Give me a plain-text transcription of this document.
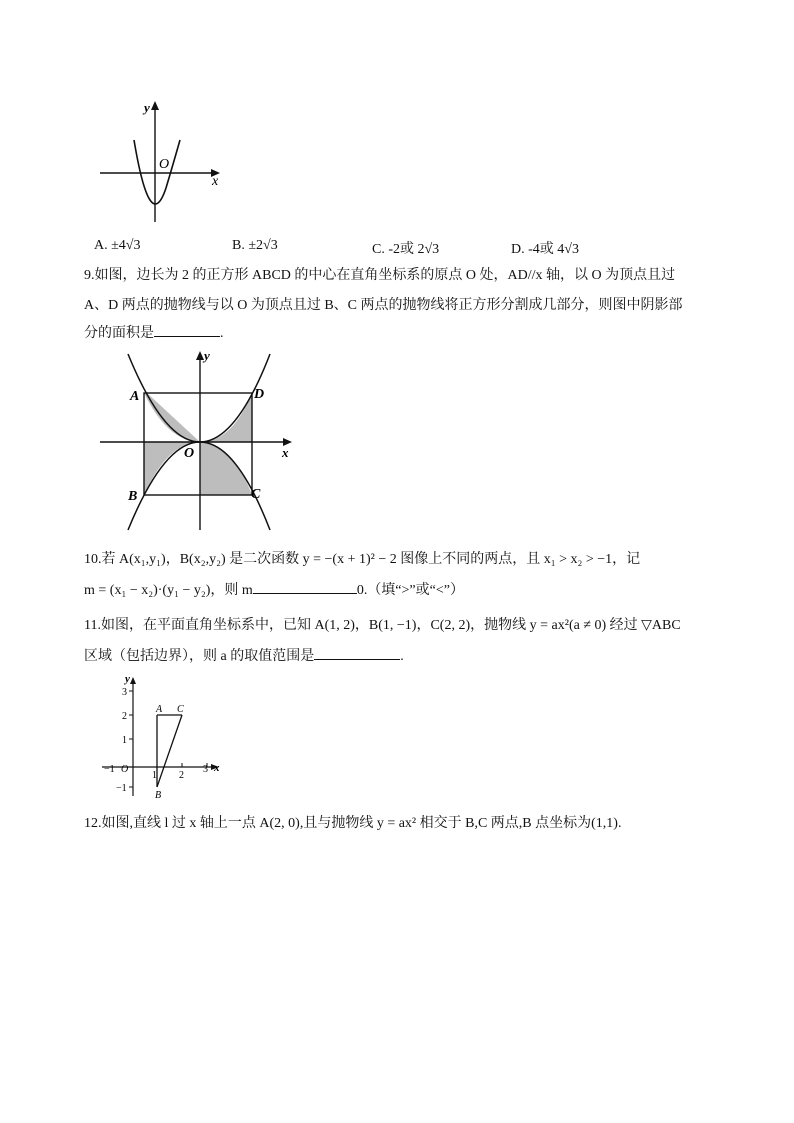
y
O
x
A. ±4√3	B. ±2√3	C. -2或 2√3	D. -4或 4√3
9.如图，边长为 2 的正方形 ABCD 的中心在直角坐标系的原点 O 处，AD//x 轴，以 O 为顶点且过
A、D 两点的抛物线与以 O 为顶点且过 B、C 两点的抛物线将正方形分割成几部分，则图中阴影部
分的面积是	.
y
x
A	D
B	C
O
10.若 A(x₁,y₁)，B(x₂,y₂) 是二次函数 y = −(x + 1)² − 2 图像上不同的两点，且 x₁ > x₂ > −1，记
m = (x₁ − x₂)·(y₁ − y₂)，则 m	0.（填“>”或“<”）
11.如图，在平面直角坐标系中，已知 A(1, 2)，B(1, −1)，C(2, 2)，抛物线 y = ax²(a ≠ 0) 经过 ▽ABC
区域（包括边界），则 a 的取值范围是	.
y
x
3
2
1
−1
−1 O
1 2
3
A C
B
12.如图,直线 l 过 x 轴上一点 A(2, 0),且与抛物线 y = ax² 相交于 B,C 两点,B 点坐标为(1,1).
